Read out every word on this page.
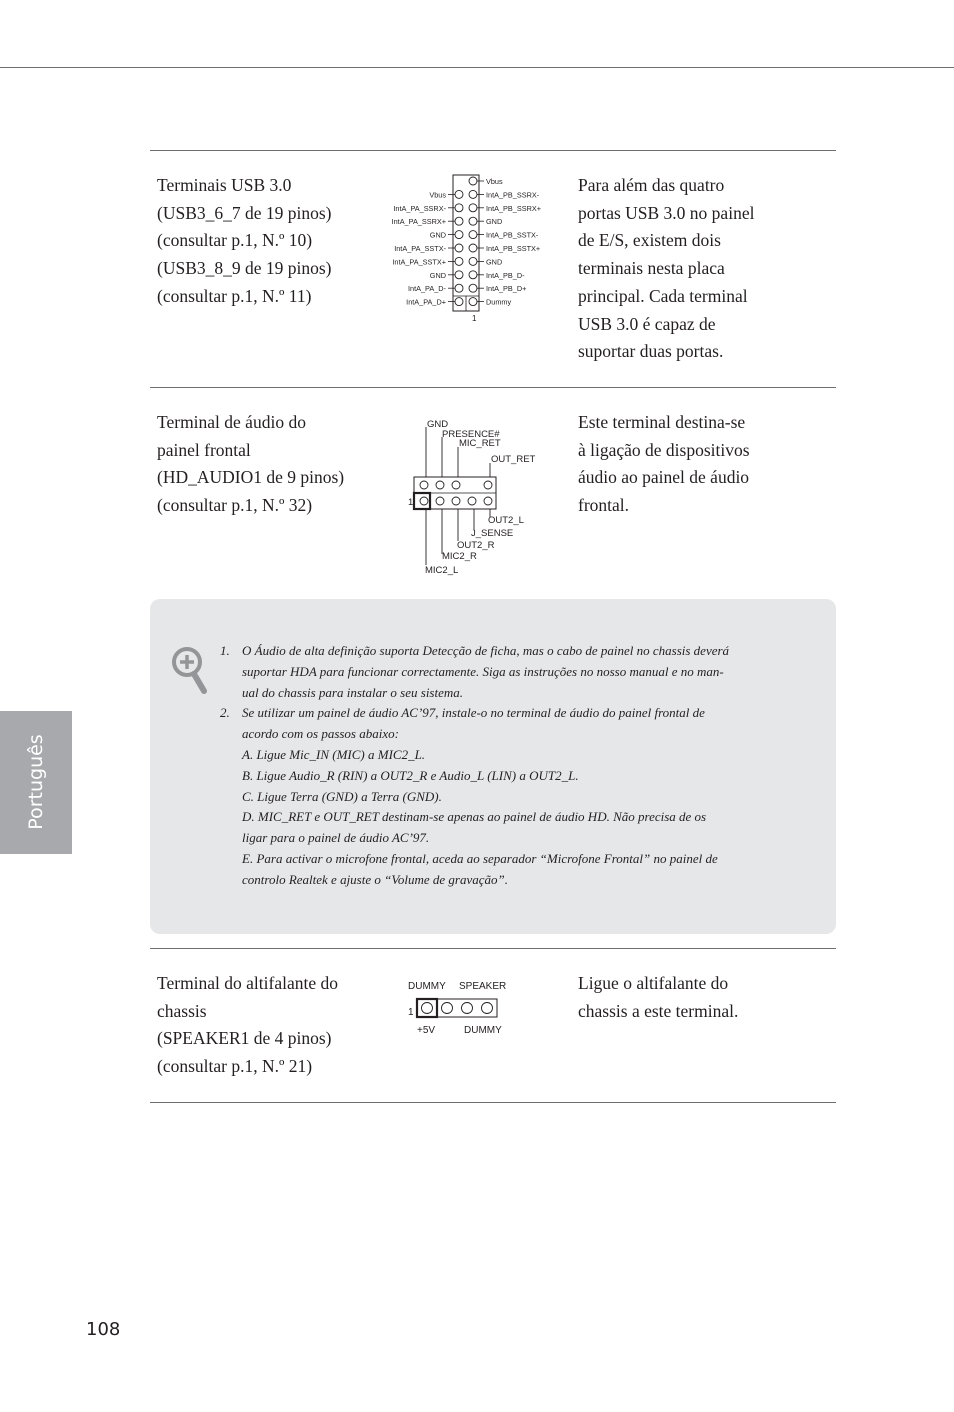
Português
Terminais USB 3.0
(USB3_6_7 de 19 pinos)
(consultar p.1, N.º 10)
(USB3_8_9 de 19 pinos)
(consultar p.1, N.º 11)
Para além das quatro
portas USB 3.0 no painel
de E/S, existem dois
terminais nesta placa
principal. Cada terminal
USB 3.0 é capaz de
suportar duas portas.
Vbus
IntA_PB_SSRX-
Vbus
IntA_PB_SSRX+
IntA_PA_SSRX-
GND
IntA_PA_SSRX+
IntA_PB_SSTX-
GND
IntA_PB_SSTX+
IntA_PA_SSTX-
GND
IntA_PA_SSTX+
IntA_PB_D-
GND
IntA_PB_D+
IntA_PA_D-
Dummy
IntA_PA_D+
1
Terminal de áudio do
painel frontal
(HD_AUDIO1 de 9 pinos)
(consultar p.1, N.º 32)
Este terminal destina-se
à ligação de dispositivos
áudio ao painel de áudio
frontal.
GND
PRESENCE#
MIC_RET
OUT_RET
1
OUT2_L
J_SENSE
OUT2_R
MIC2_R
MIC2_L
1. O Áudio de alta definição suporta Detecção de ficha, mas o cabo de painel no chassis deverá
suportar HDA para funcionar correctamente. Siga as instruções no nosso manual e no man-
ual do chassis para instalar o seu sistema.
2. Se utilizar um painel de áudio AC’97, instale-o no terminal de áudio do painel frontal de
acordo com os passos abaixo:
A. Ligue Mic_IN (MIC) a MIC2_L.
B. Ligue Audio_R (RIN) a OUT2_R e Audio_L (LIN) a OUT2_L.
C. Ligue Terra (GND) a Terra (GND).
D. MIC_RET e OUT_RET destinam-se apenas ao painel de áudio HD. Não precisa de os
ligar para o painel de áudio AC’97.
E. Para activar o microfone frontal, aceda ao separador “Microfone Frontal” no painel de
controlo Realtek e ajuste o “Volume de gravação”.
Terminal do altifalante do
chassis
(SPEAKER1 de 4 pinos)
(consultar p.1, N.º 21)
Ligue o altifalante do
chassis a este terminal.
DUMMY SPEAKER
1
+5V	DUMMY
108
